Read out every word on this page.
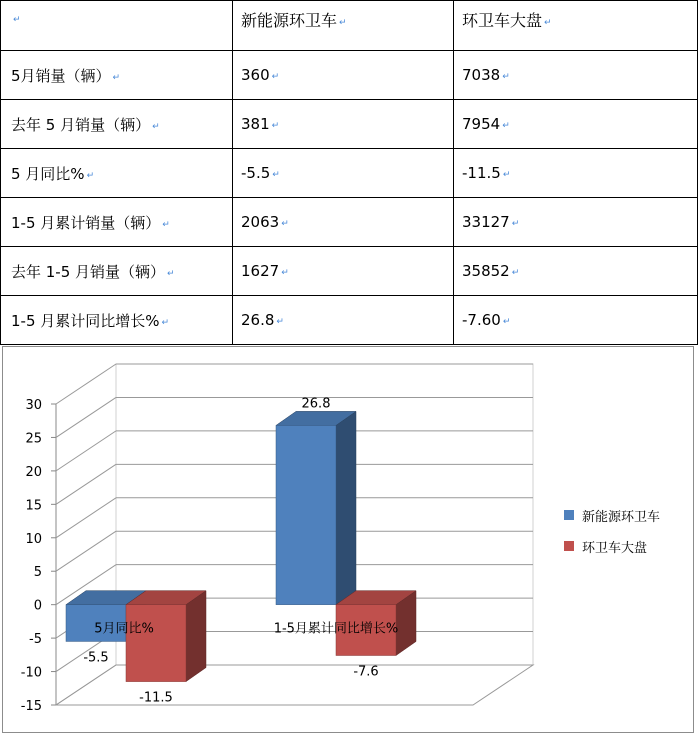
↵	新能源环卫车 ↵	环卫车大盘 ↵
5月销量（辆） ↵	360 ↵	7038 ↵
去年 5 月销量（辆） ↵	381 ↵	7954 ↵
5 月同比% ↵	-5.5 ↵	-11.5 ↵
1-5 月累计销量（辆） ↵	2063 ↵	33127 ↵
去年 1-5 月销量（辆） ↵	1627 ↵	35852 ↵
1-5 月累计同比增长% ↵	26.8 ↵	-7.60 ↵
30
25
20
15
10
5
0
-5
-10
-15
-5.5
-11.5
5月同比%
26.8
-7.6
1-5月累计同比增长%
新能源环卫车
环卫车大盘
